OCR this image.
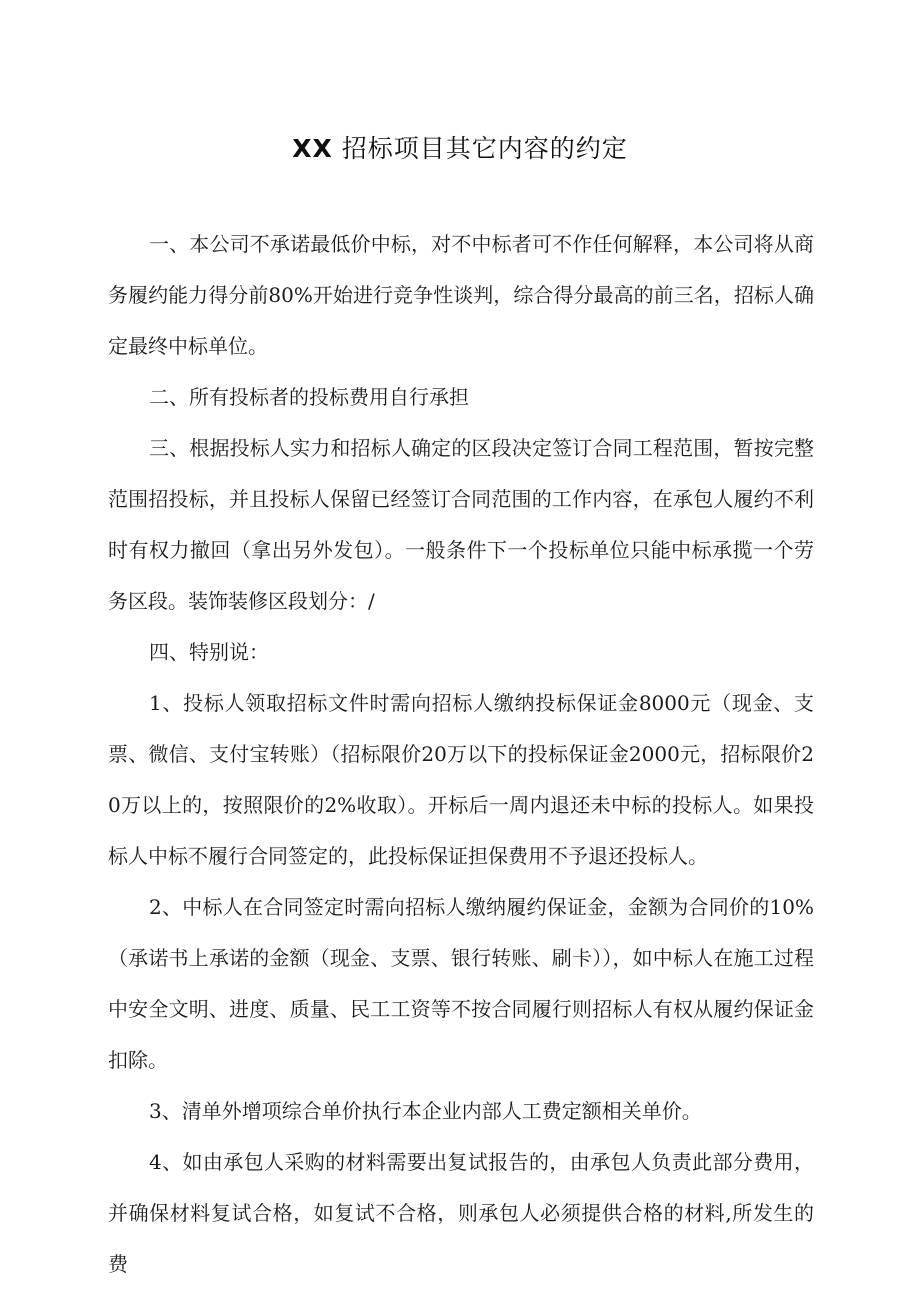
XX 招标项目其它内容的约定

一、本公司不承诺最低价中标，对不中标者可不作任何解释，本公司将从商务履约能力得分前80%开始进行竞争性谈判，综合得分最高的前三名，招标人确定最终中标单位。

二、所有投标者的投标费用自行承担

三、根据投标人实力和招标人确定的区段决定签订合同工程范围，暂按完整范围招投标，并且投标人保留已经签订合同范围的工作内容，在承包人履约不利时有权力撤回（拿出另外发包）。一般条件下一个投标单位只能中标承揽一个劳务区段。装饰装修区段划分：/

四、特别说：

1、投标人领取招标文件时需向招标人缴纳投标保证金8000元（现金、支票、微信、支付宝转账）（招标限价20万以下的投标保证金2000元，招标限价20万以上的，按照限价的2%收取）。开标后一周内退还未中标的投标人。如果投标人中标不履行合同签定的，此投标保证担保费用不予退还投标人。

2、中标人在合同签定时需向招标人缴纳履约保证金，金额为合同价的10%（承诺书上承诺的金额（现金、支票、银行转账、刷卡）），如中标人在施工过程中安全文明、进度、质量、民工工资等不按合同履行则招标人有权从履约保证金扣除。

3、清单外增项综合单价执行本企业内部人工费定额相关单价。

4、如由承包人采购的材料需要出复试报告的，由承包人负责此部分费用，并确保材料复试合格，如复试不合格，则承包人必须提供合格的材料,所发生的费
